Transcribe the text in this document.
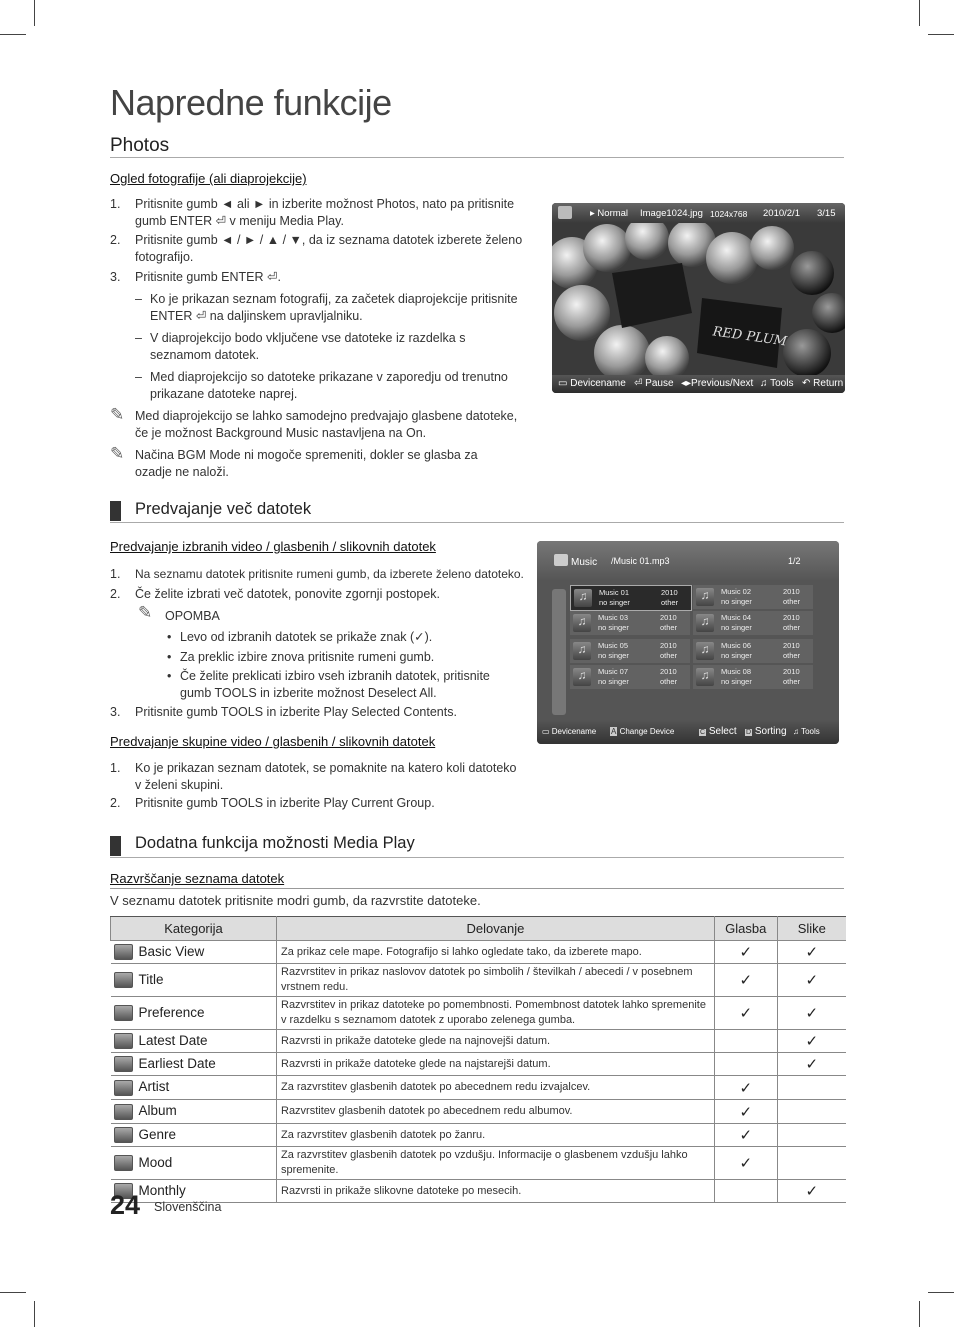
Napredne funkcije
Photos
Ogled fotografije (ali diaprojekcije)
1. Pritisnite gumb ◄ ali ► in izberite možnost Photos, nato pa pritisnite
gumb ENTER ⏎ v meniju Media Play.
2. Pritisnite gumb ◄ / ► / ▲ / ▼, da iz seznama datotek izberete želeno
fotografijo.
3. Pritisnite gumb ENTER ⏎.
– Ko je prikazan seznam fotografij, za začetek diaprojekcije pritisnite
ENTER ⏎ na daljinskem upravljalniku.
– V diaprojekcijo bodo vključene vse datoteke iz razdelka s
seznamom datotek.
– Med diaprojekcijo so datoteke prikazane v zaporedju od trenutno
prikazane datoteke naprej.
✎ Med diaprojekcijo se lahko samodejno predvajajo glasbene datoteke,
če je možnost Background Music nastavljena na On.
✎ Načina BGM Mode ni mogoče spremeniti, dokler se glasba za
ozadje ne naloži.
RED PLUM
▸ Normal Image1024.jpg 1024x768 2010/2/1 3/15
▭ Devicename ⏎ Pause ◂▸Previous/Next ♫ Tools ↶ Return
Predvajanje več datotek
Predvajanje izbranih video / glasbenih / slikovnih datotek
1. Na seznamu datotek pritisnite rumeni gumb, da izberete želeno datoteko.
2. Če želite izbrati več datotek, ponovite zgornji postopek.
✎ OPOMBA
• Levo od izbranih datotek se prikaže znak (✓).
• Za preklic izbire znova pritisnite rumeni gumb.
• Če želite preklicati izbiro vseh izbranih datotek, pritisnite
gumb TOOLS in izberite možnost Deselect All.
3. Pritisnite gumb TOOLS in izberite Play Selected Contents.
Predvajanje skupine video / glasbenih / slikovnih datotek
1. Ko je prikazan seznam datotek, se pomaknite na katero koli datoteko
v želeni skupini.
2. Pritisnite gumb TOOLS in izberite Play Current Group.
Music /Music 01.mp3	1/2
♫	Music 01
no singer
2010
other
♫	Music 02
no singer
2010
other
♫	Music 03
no singer
2010
other	♫	Music 04
no singer
2010
other
♫	Music 05
no singer
2010
other	♫	Music 06
no singer
2010
other
♫	Music 07
no singer
2010
other	♫	Music 08
no singer
2010
other
▭ Devicename A Change Device	C Select D Sorting ♫ Tools
Dodatna funkcija možnosti Media Play
Razvrščanje seznama datotek
V seznamu datotek pritisnite modri gumb, da razvrstite datoteke.
Kategorija	Delovanje	Glasba	Slike
Basic View	Za prikaz cele mape. Fotografijo si lahko ogledate tako, da izberete mapo.	✓	✓
Title	Razvrstitev in prikaz naslovov datotek po simbolih / številkah / abecedi / v posebnem vrstnem redu.	✓	✓
Preference	Razvrstitev in prikaz datoteke po pomembnosti. Pomembnost datotek lahko spremenite v razdelku s seznamom datotek z uporabo zelenega gumba.	✓	✓
Latest Date	Razvrsti in prikaže datoteke glede na najnovejši datum.		✓
Earliest Date	Razvrsti in prikaže datoteke glede na najstarejši datum.		✓
Artist	Za razvrstitev glasbenih datotek po abecednem redu izvajalcev.	✓	
Album	Razvrstitev glasbenih datotek po abecednem redu albumov.	✓	
Genre	Za razvrstitev glasbenih datotek po žanru.	✓	
Mood	Za razvrstitev glasbenih datotek po vzdušju. Informacije o glasbenem vzdušju lahko spremenite.	✓	
Monthly	Razvrsti in prikaže slikovne datoteke po mesecih.		✓
24 Slovenščina
